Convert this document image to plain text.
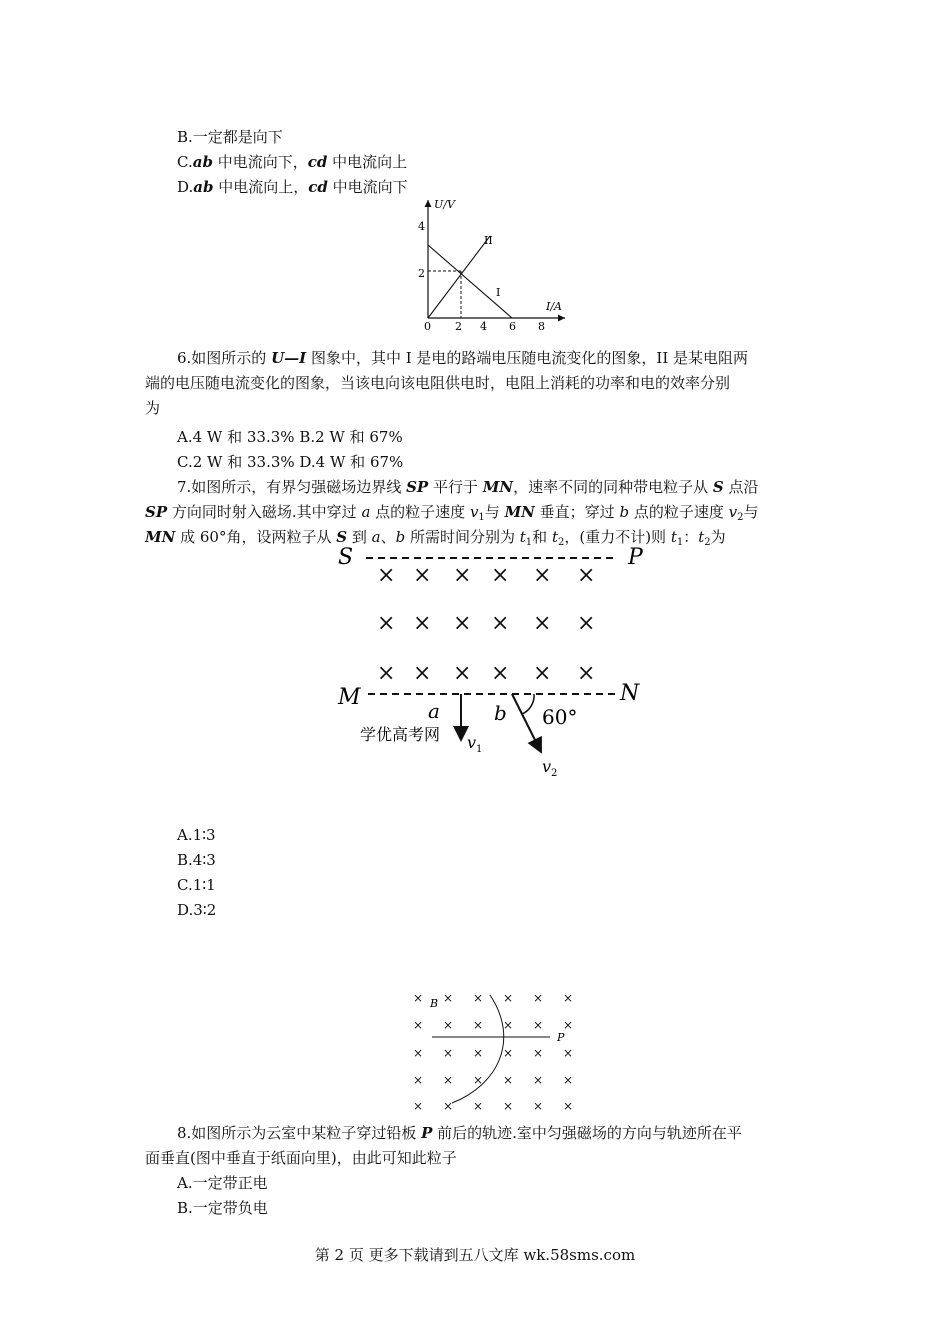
B.一定都是向下
C.ab 中电流向下，cd 中电流向上
D.ab 中电流向上，cd 中电流向下
U/V
I/A
4
2
0 2 4 6 8
II
I
6.如图所示的 U—I 图象中，其中 I 是电的路端电压随电流变化的图象，II 是某电阻两
端的电压随电流变化的图象，当该电向该电阻供电时，电阻上消耗的功率和电的效率分别
为
A.4 W 和 33.3% B.2 W 和 67%
C.2 W 和 33.3% D.4 W 和 67%
7.如图所示，有界匀强磁场边界线 SP 平行于 MN，速率不同的同种带电粒子从 S 点沿
SP 方向同时射入磁场.其中穿过 a 点的粒子速度 $v_1$与 MN 垂直；穿过 b 点的粒子速度 $v_2$与
MN 成 60°角，设两粒子从 S 到 a、b 所需时间分别为 $t_1$和 $t_2$，(重力不计)则 $t_1$：$t_2$为
S	P
× × × × × ×
× × × × × ×
× × × × × ×
M	N
a	b 60°
学优高考网 $v_1$
$v_2$
A.1∶3
B.4∶3
C.1∶1
D.3∶2
× × × × × ×
× × × × × ×
× × × × × ×
× × × × × ×
× × × × × ×
B
P
8.如图所示为云室中某粒子穿过铅板 P 前后的轨迹.室中匀强磁场的方向与轨迹所在平
面垂直(图中垂直于纸面向里)，由此可知此粒子
A.一定带正电
B.一定带负电
第 2 页 更多下载请到五八文库 wk.58sms.com
